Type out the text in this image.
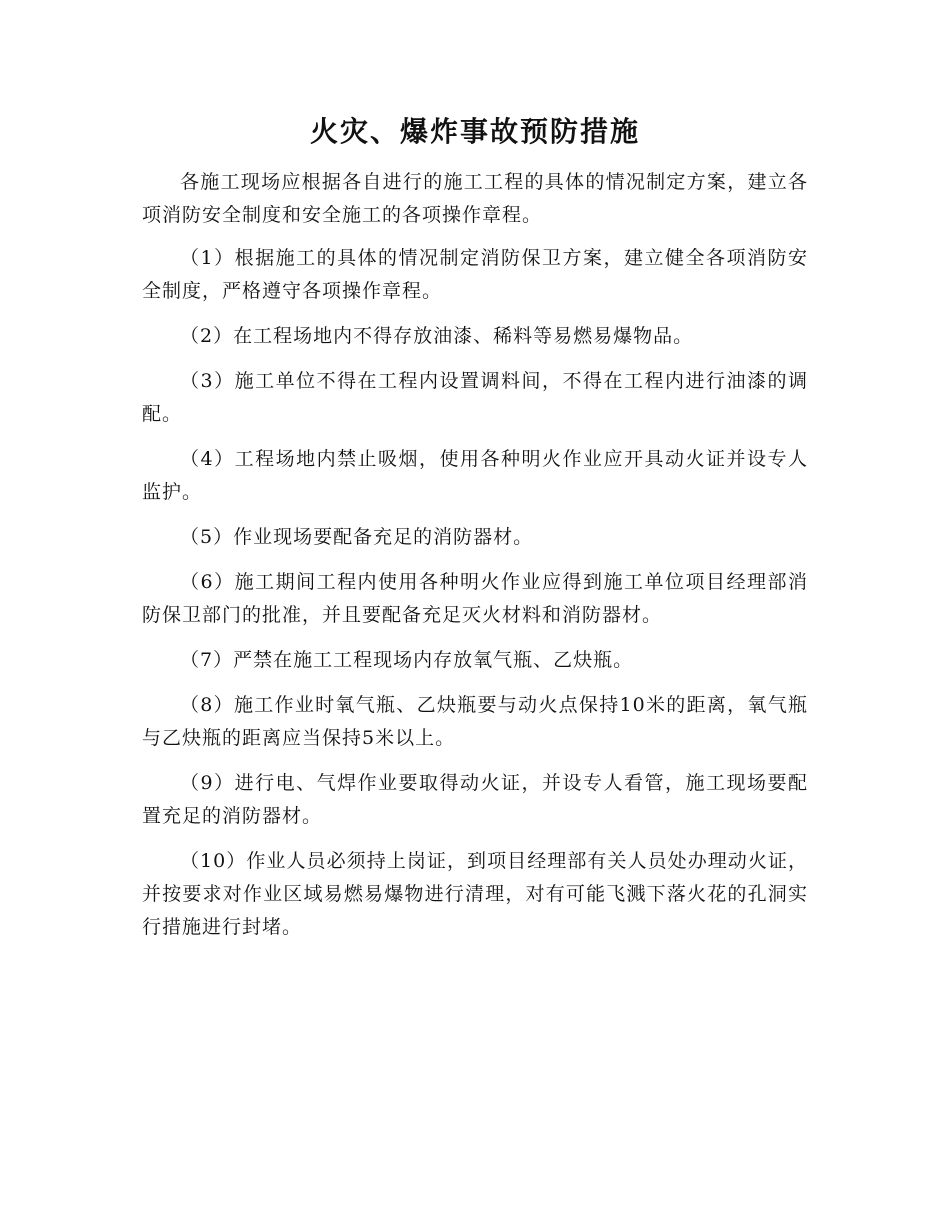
火灾、爆炸事故预防措施

各施工现场应根据各自进行的施工工程的具体的情况制定方案，建立各项消防安全制度和安全施工的各项操作章程。

（1）根据施工的具体的情况制定消防保卫方案，建立健全各项消防安全制度，严格遵守各项操作章程。

（2）在工程场地内不得存放油漆、稀料等易燃易爆物品。

（3）施工单位不得在工程内设置调料间，不得在工程内进行油漆的调配。

（4）工程场地内禁止吸烟，使用各种明火作业应开具动火证并设专人监护。

（5）作业现场要配备充足的消防器材。

（6）施工期间工程内使用各种明火作业应得到施工单位项目经理部消防保卫部门的批准，并且要配备充足灭火材料和消防器材。

（7）严禁在施工工程现场内存放氧气瓶、乙炔瓶。

（8）施工作业时氧气瓶、乙炔瓶要与动火点保持10米的距离，氧气瓶与乙炔瓶的距离应当保持5米以上。

（9）进行电、气焊作业要取得动火证，并设专人看管，施工现场要配置充足的消防器材。

（10）作业人员必须持上岗证，到项目经理部有关人员处办理动火证，并按要求对作业区域易燃易爆物进行清理，对有可能飞溅下落火花的孔洞实行措施进行封堵。
